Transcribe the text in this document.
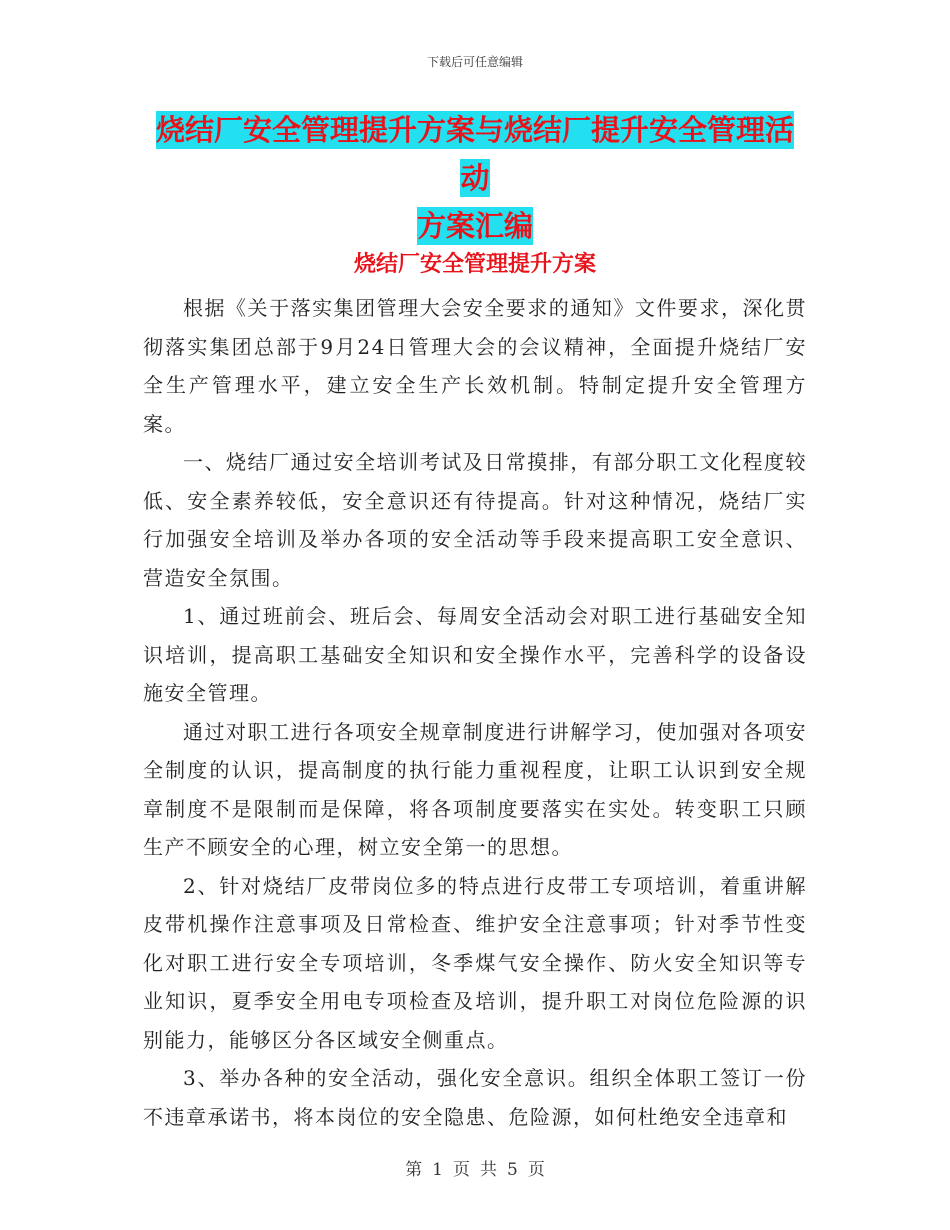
下载后可任意编辑
烧结厂安全管理提升方案与烧结厂提升安全管理活动
方案汇编
烧结厂安全管理提升方案

根据《关于落实集团管理大会安全要求的通知》文件要求，深化贯彻落实集团总部于9月24日管理大会的会议精神，全面提升烧结厂安全生产管理水平，建立安全生产长效机制。特制定提升安全管理方案。

一、烧结厂通过安全培训考试及日常摸排，有部分职工文化程度较低、安全素养较低，安全意识还有待提高。针对这种情况，烧结厂实行加强安全培训及举办各项的安全活动等手段来提高职工安全意识、营造安全氛围。

1、通过班前会、班后会、每周安全活动会对职工进行基础安全知识培训，提高职工基础安全知识和安全操作水平，完善科学的设备设施安全管理。

通过对职工进行各项安全规章制度进行讲解学习，使加强对各项安全制度的认识，提高制度的执行能力重视程度，让职工认识到安全规章制度不是限制而是保障，将各项制度要落实在实处。转变职工只顾生产不顾安全的心理，树立安全第一的思想。

2、针对烧结厂皮带岗位多的特点进行皮带工专项培训，着重讲解皮带机操作注意事项及日常检查、维护安全注意事项；针对季节性变化对职工进行安全专项培训，冬季煤气安全操作、防火安全知识等专业知识，夏季安全用电专项检查及培训，提升职工对岗位危险源的识别能力，能够区分各区域安全侧重点。

3、举办各种的安全活动，强化安全意识。组织全体职工签订一份不违章承诺书，将本岗位的安全隐患、危险源，如何杜绝安全违章和

第 1 页 共 5 页
